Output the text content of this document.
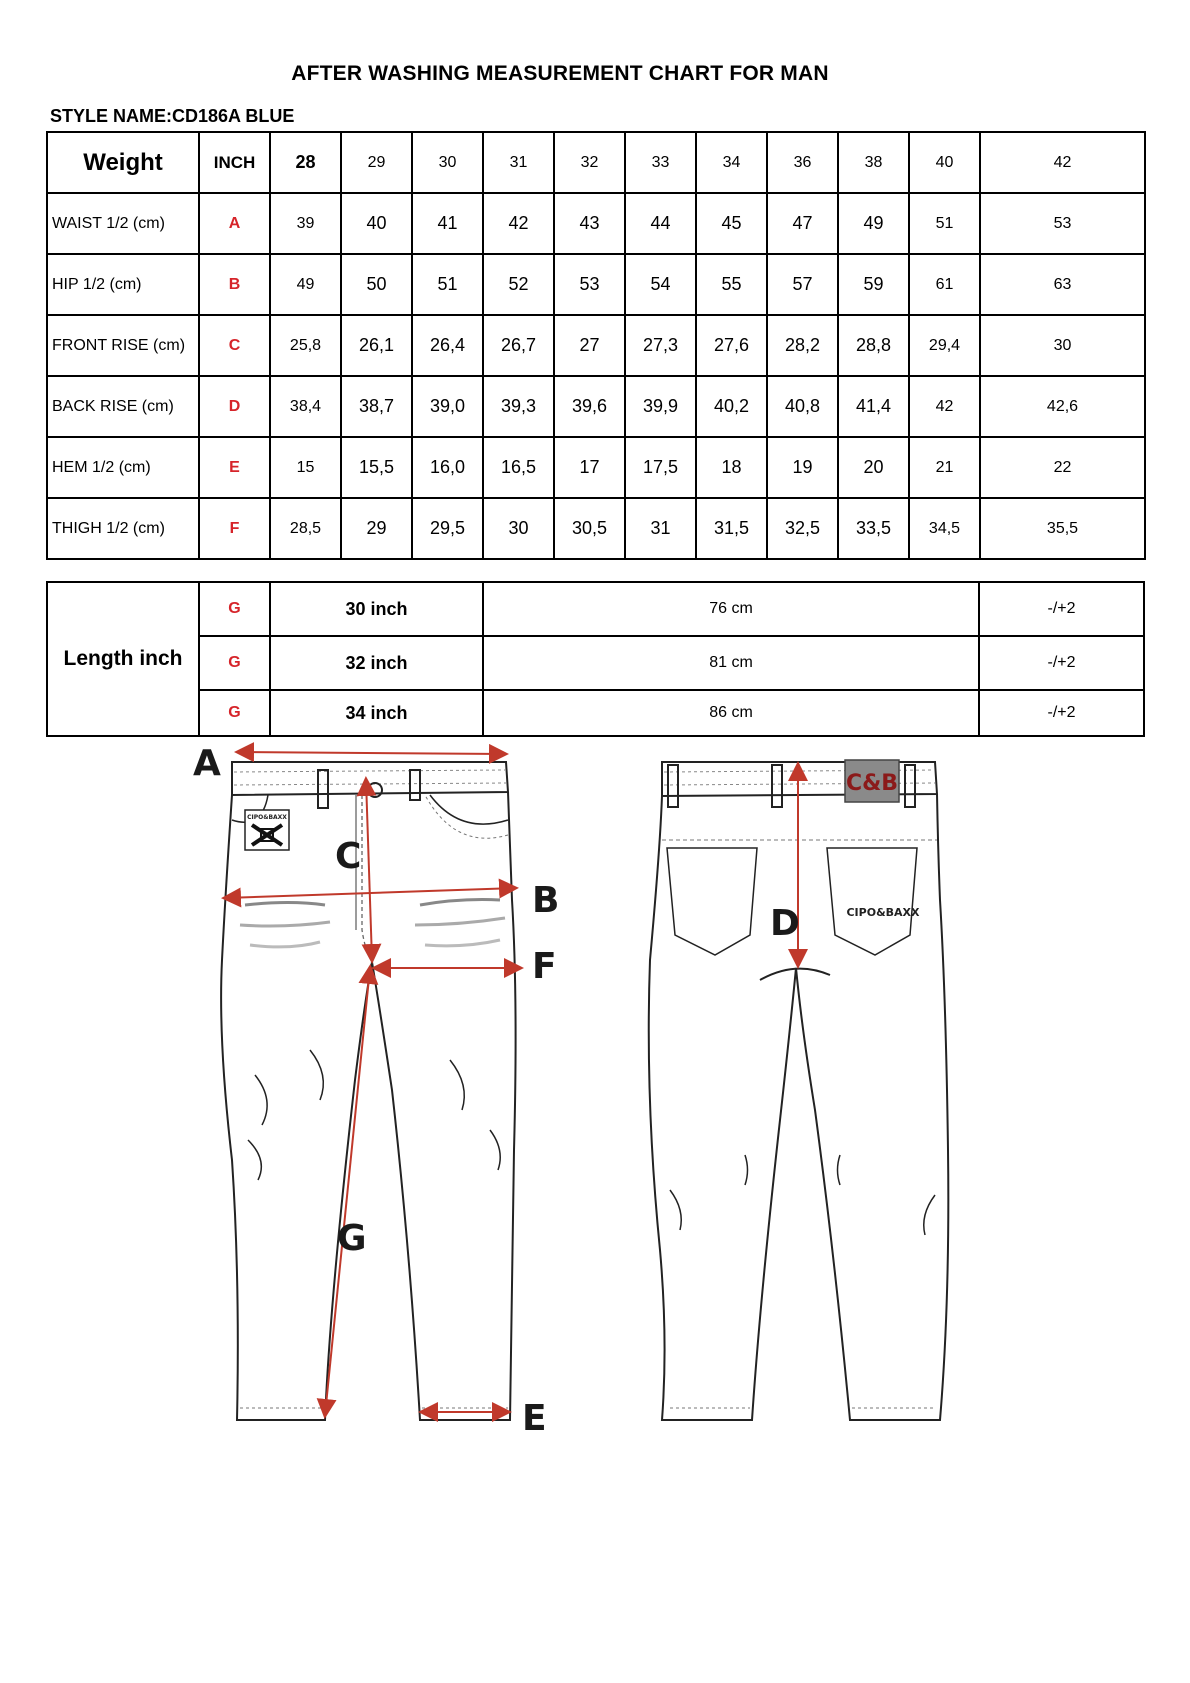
AFTER WASHING MEASUREMENT CHART FOR MAN
STYLE NAME:CD186A BLUE
Weight	INCH	28	29	30	31	32	33	34	36	38	40	42
WAIST 1/2 (cm)	A	39	40	41	42	43	44	45	47	49	51	53
HIP 1/2 (cm)	B	49	50	51	52	53	54	55	57	59	61	63
FRONT RISE (cm)	C	25,8	26,1	26,4	26,7	27	27,3	27,6	28,2	28,8	29,4	30
BACK RISE (cm)	D	38,4	38,7	39,0	39,3	39,6	39,9	40,2	40,8	41,4	42	42,6
HEM 1/2 (cm)	E	15	15,5	16,0	16,5	17	17,5	18	19	20	21	22
THIGH 1/2 (cm)	F	28,5	29	29,5	30	30,5	31	31,5	32,5	33,5	34,5	35,5
Length inch	G	30 inch	76 cm	-/+2
	G	32 inch	81 cm	-/+2
	G	34 inch	86 cm	-/+2
CIPO&BAXX
A
C
B
F
G
E
C&B
CIPO&BAXX
D
